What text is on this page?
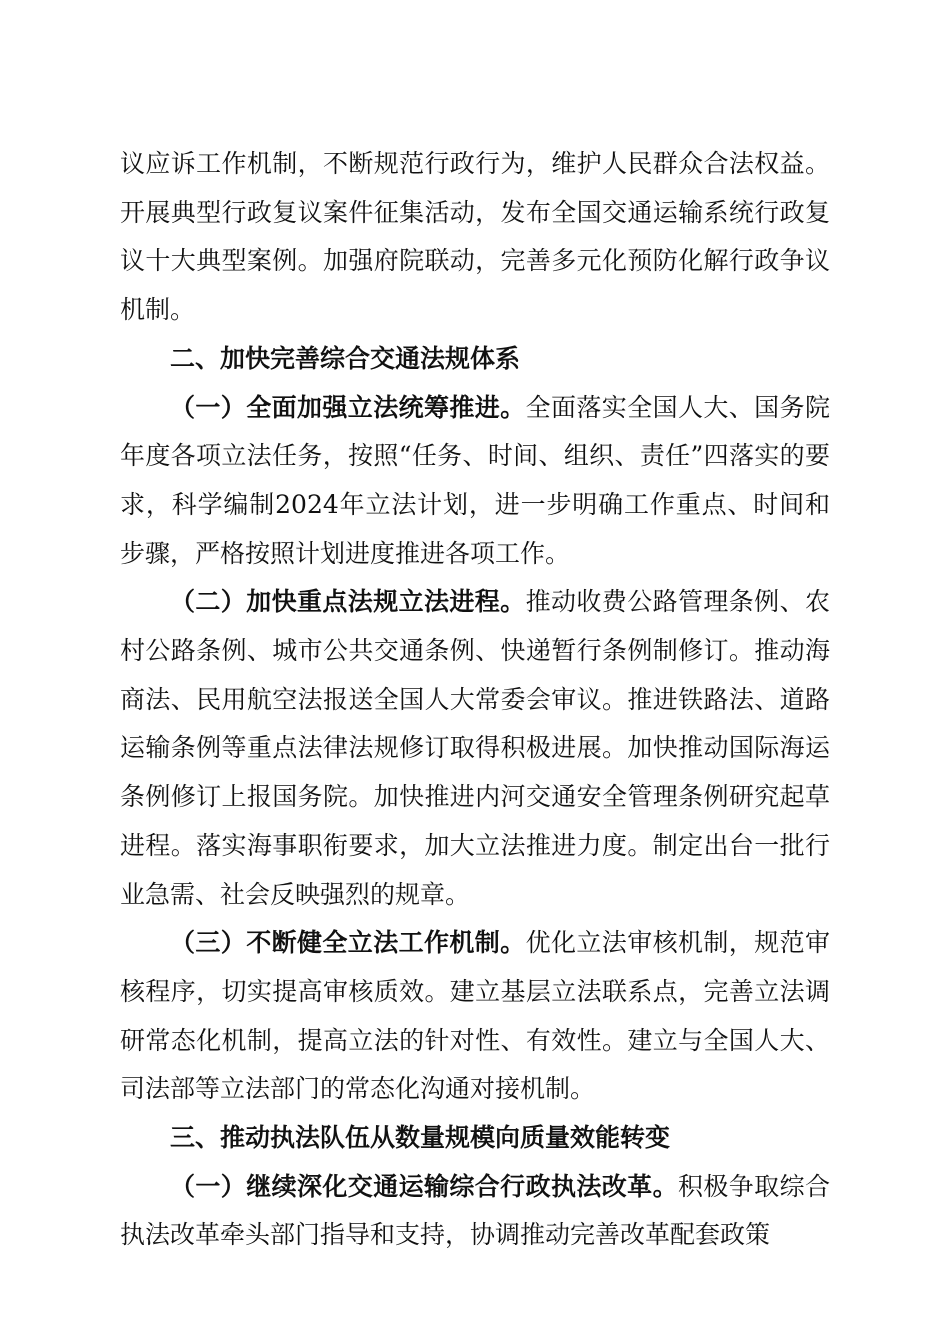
议应诉工作机制，不断规范行政行为，维护人民群众合法权益。开展典型行政复议案件征集活动，发布全国交通运输系统行政复议十大典型案例。加强府院联动，完善多元化预防化解行政争议机制。

二、加快完善综合交通法规体系

（一）全面加强立法统筹推进。全面落实全国人大、国务院年度各项立法任务，按照“任务、时间、组织、责任”四落实的要求，科学编制2024年立法计划，进一步明确工作重点、时间和步骤，严格按照计划进度推进各项工作。

（二）加快重点法规立法进程。推动收费公路管理条例、农村公路条例、城市公共交通条例、快递暂行条例制修订。推动海商法、民用航空法报送全国人大常委会审议。推进铁路法、道路运输条例等重点法律法规修订取得积极进展。加快推动国际海运条例修订上报国务院。加快推进内河交通安全管理条例研究起草进程。落实海事职衔要求，加大立法推进力度。制定出台一批行业急需、社会反映强烈的规章。

（三）不断健全立法工作机制。优化立法审核机制，规范审核程序，切实提高审核质效。建立基层立法联系点，完善立法调研常态化机制，提高立法的针对性、有效性。建立与全国人大、司法部等立法部门的常态化沟通对接机制。

三、推动执法队伍从数量规模向质量效能转变

（一）继续深化交通运输综合行政执法改革。积极争取综合执法改革牵头部门指导和支持，协调推动完善改革配套政策
